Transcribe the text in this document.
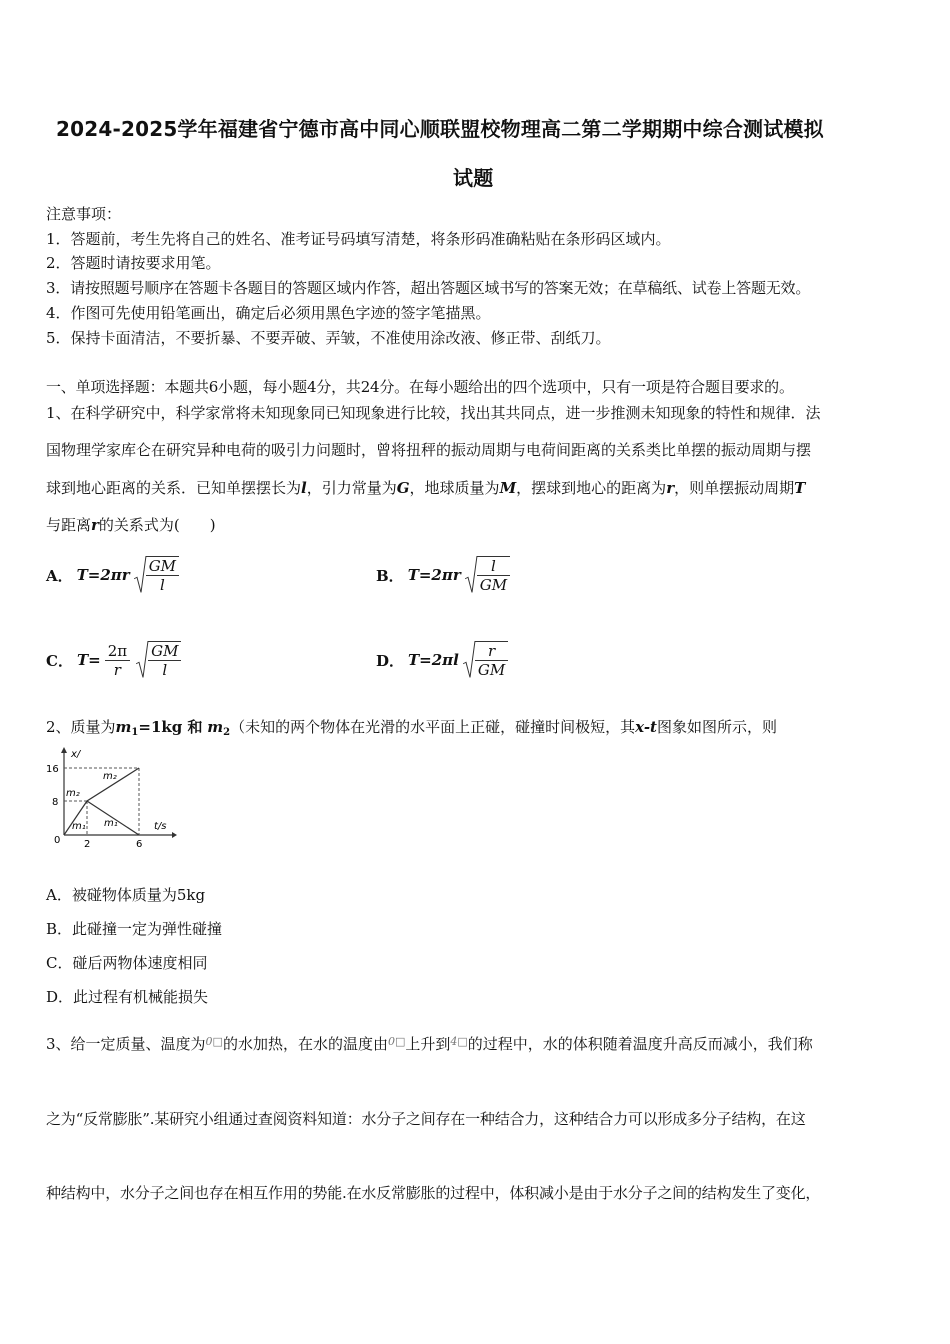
2024-2025学年福建省宁德市高中同心顺联盟校物理高二第二学期期中综合测试模拟
试题
注意事项：
1．答题前，考生先将自己的姓名、准考证号码填写清楚，将条形码准确粘贴在条形码区域内。
2．答题时请按要求用笔。
3．请按照题号顺序在答题卡各题目的答题区域内作答，超出答题区域书写的答案无效；在草稿纸、试卷上答题无效。
4．作图可先使用铅笔画出，确定后必须用黑色字迹的签字笔描黑。
5．保持卡面清洁，不要折暴、不要弄破、弄皱，不准使用涂改液、修正带、刮纸刀。
一、单项选择题：本题共6小题，每小题4分，共24分。在每小题给出的四个选项中，只有一项是符合题目要求的。
1、在科学研究中，科学家常将未知现象同已知现象进行比较，找出其共同点，进一步推测未知现象的特性和规律．法
国物理学家库仑在研究异种电荷的吸引力问题时，曾将扭秤的振动周期与电荷间距离的关系类比单摆的振动周期与摆
球到地心距离的关系．已知单摆摆长为l，引力常量为G，地球质量为M，摆球到地心的距离为r，则单摆振动周期T
与距离r的关系式为(　　)
A． $T=2\pi r \frac{GM}{l}$	B． $T=2\pi r \frac{l}{GM}$
C． $T= \frac{2\pi}{r} \frac{GM}{l}$	D． $T=2\pi l \frac{r}{GM}$
2、质量为$m_1=1kg$ 和 $m_2$（未知的两个物体在光滑的水平面上正碰，碰撞时间极短，其x-t图象如图所示，则
x/
t/s
16
8
0 2	6
m₂
m₂
m₁ m₁
A．被碰物体质量为5kg
B．此碰撞一定为弹性碰撞
C．碰后两物体速度相同
D．此过程有机械能损失
3、给一定质量、温度为$^{0□}$的水加热，在水的温度由$^{0□}$上升到$^{4□}$的过程中，水的体积随着温度升高反而减小，我们称
之为“反常膨胀”.某研究小组通过查阅资料知道：水分子之间存在一种结合力，这种结合力可以形成多分子结构，在这
种结构中，水分子之间也存在相互作用的势能.在水反常膨胀的过程中，体积减小是由于水分子之间的结构发生了变化，
